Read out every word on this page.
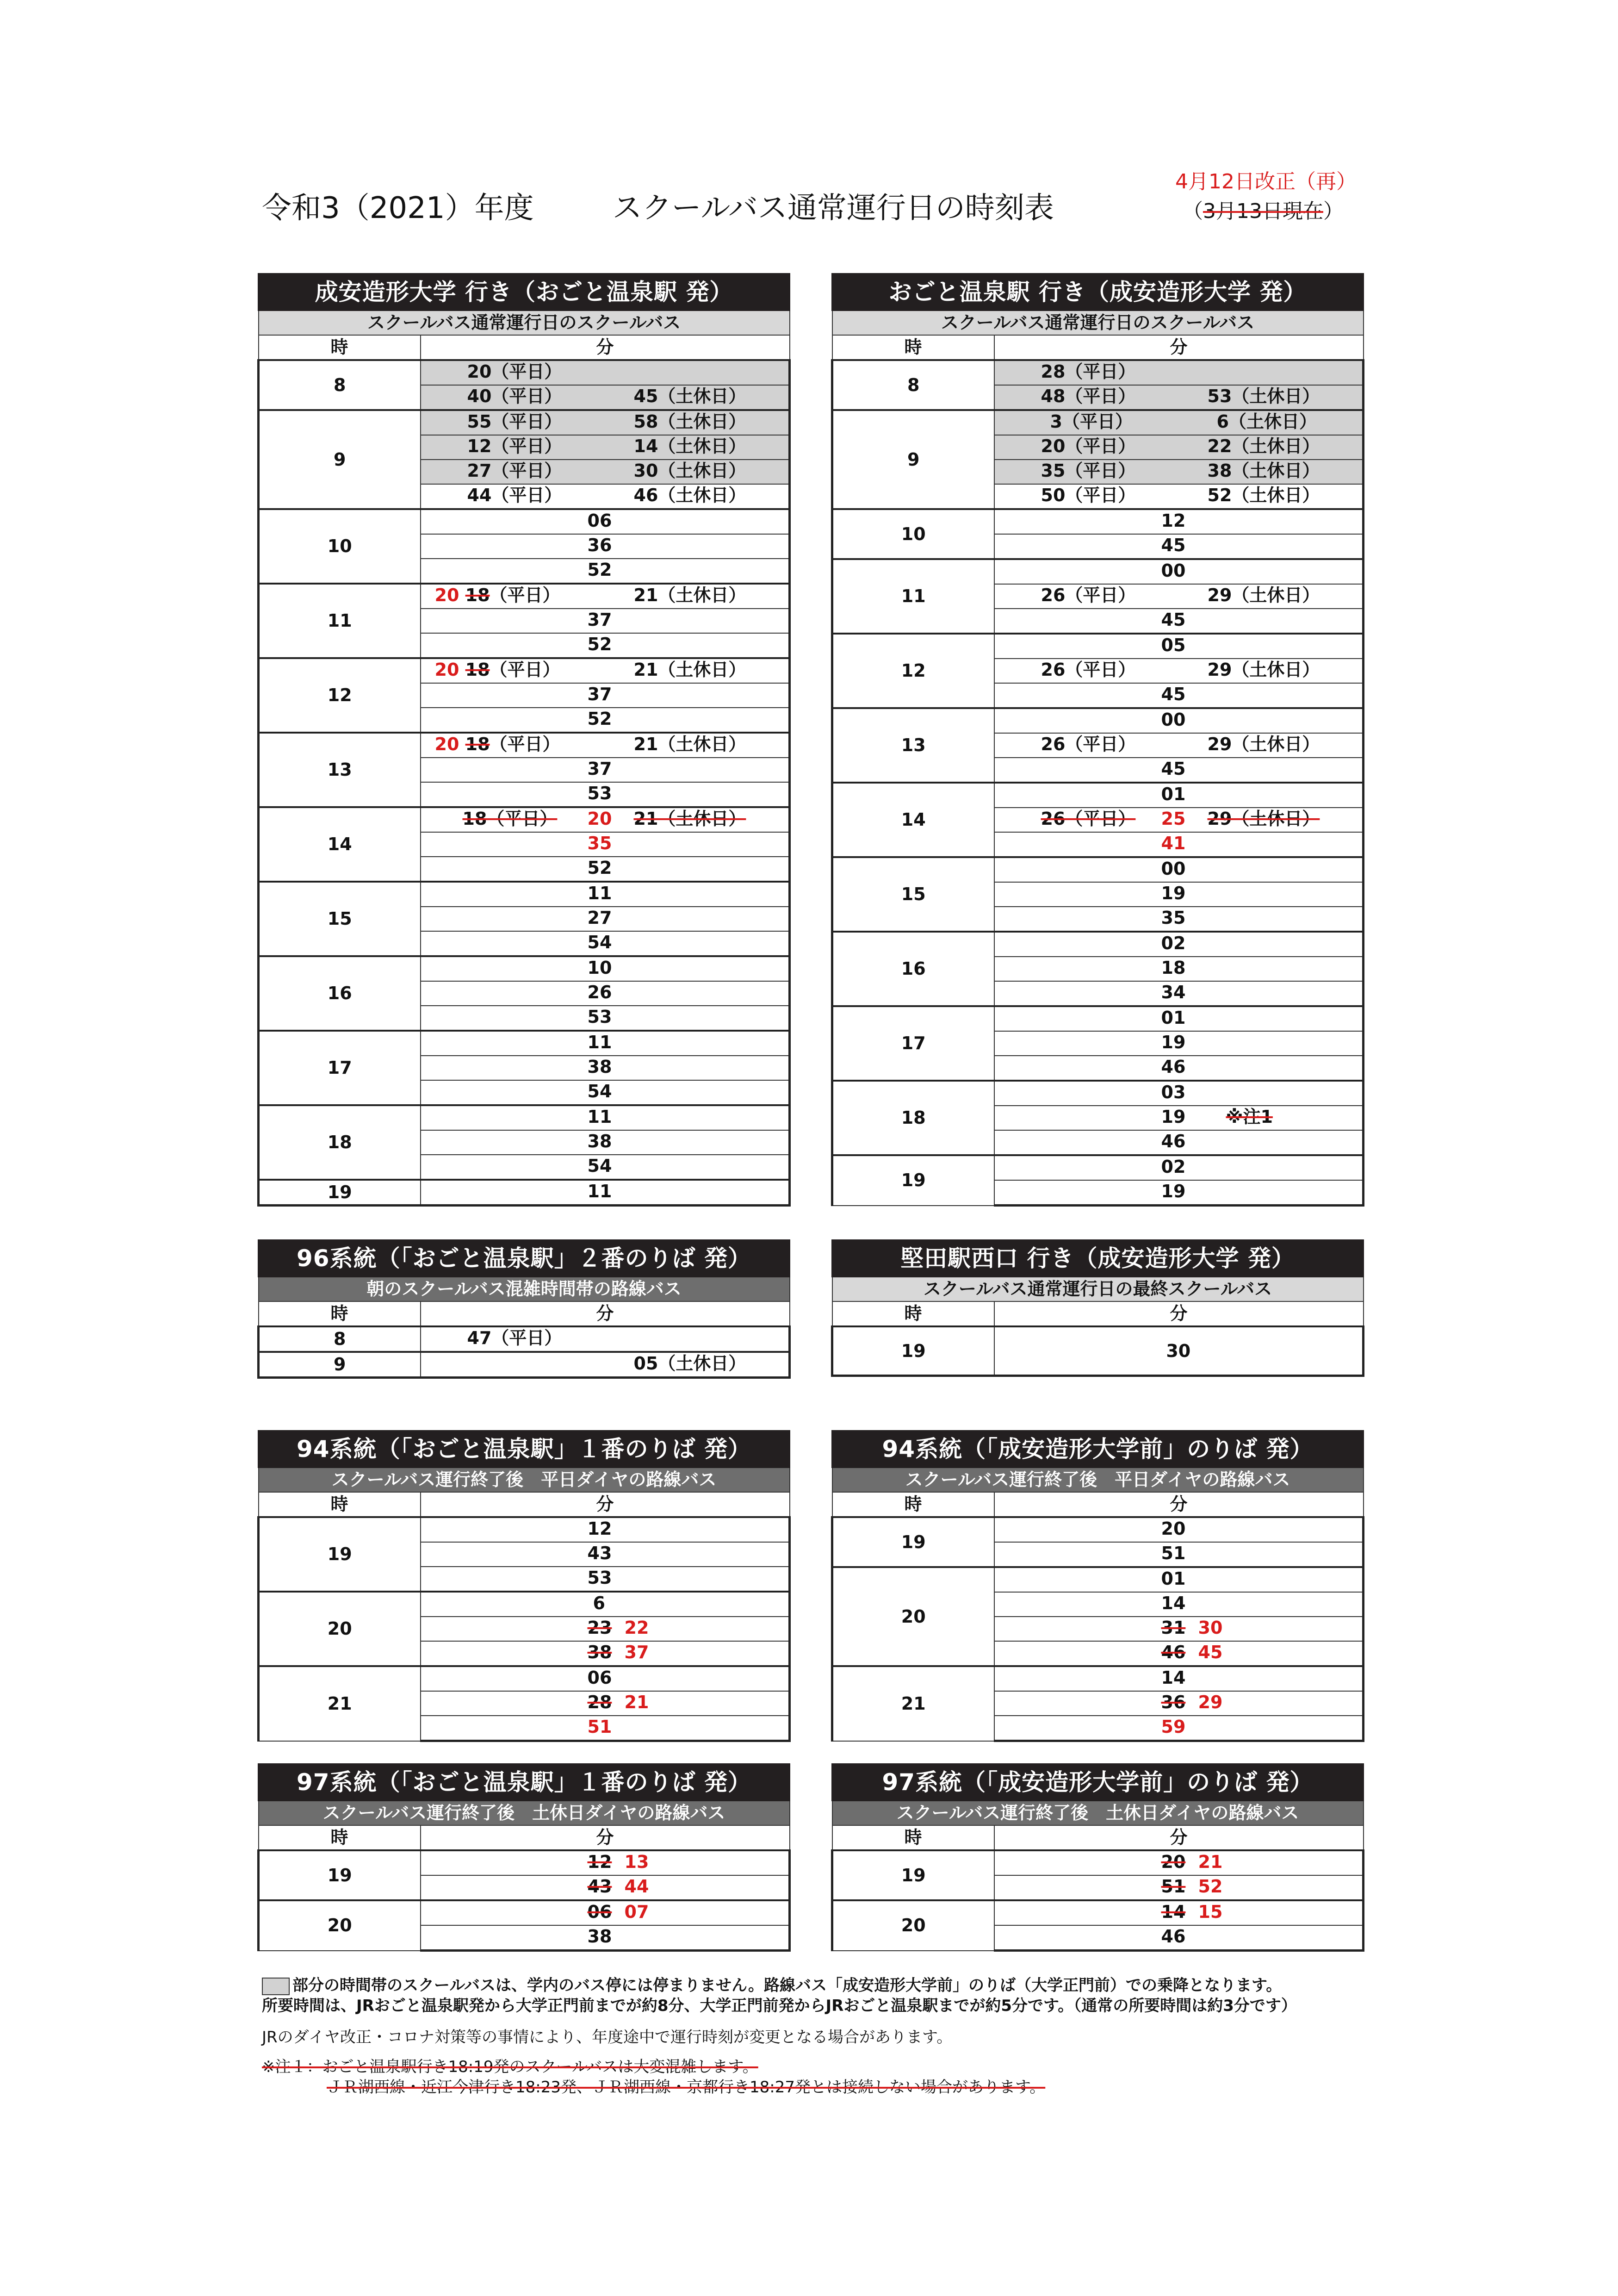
令和3（2021）年度	スクールバス通常運行日の時刻表
4月12日改正（再）
（3月13日現在）
成安造形大学 行き（おごと温泉駅 発）	
スクールバス通常運行日のスクールバス	
時	分
8	20（平日）

	40（平日） 45（土休日）

9	55（平日） 58（土休日）

	12（平日） 14（土休日）

	27（平日） 30（土休日）

	44（平日） 46（土休日）

10	06

	36

	52

11	20 18（平日） 21（土休日）

	37

	52

12	20 18（平日） 21（土休日）

	37

	52

13	20 18（平日） 21（土休日）

	37

	53

14	18（平日） 20 21（土休日）

	35

	52

15	11

	27

	54

16	10

	26

	53

17	11

	38

	54

18	11

	38

	54

19	11
おごと温泉駅 行き（成安造形大学 発）	
スクールバス通常運行日のスクールバス	
時	分
8	28（平日）

	48（平日） 53（土休日）

9	3（平日） 6（土休日）

	20（平日） 22（土休日）

	35（平日） 38（土休日）

	50（平日） 52（土休日）

10	12

	45

11	00

	26（平日） 29（土休日）

	45

12	05

	26（平日） 29（土休日）

	45

13	00

	26（平日） 29（土休日）

	45

14	01

	26（平日） 25 29（土休日）

	41

15	00

	19

	35

16	02

	18

	34

17	01

	19

	46

18	03

	19 ※注1

	46

19	02

	19
96系統（「おごと温泉駅」２番のりば 発）	
朝のスクールバス混雑時間帯の路線バス	
時	分
8	47（平日）

9	05（土休日）
堅田駅西口 行き（成安造形大学 発）	
スクールバス通常運行日の最終スクールバス	
時	分
19	30
94系統（「おごと温泉駅」１番のりば 発）	
スクールバス運行終了後　平日ダイヤの路線バス	
時	分
19	12

	43

	53

20	6

	23 22

	38 37

21	06

	28 21

	51
94系統（「成安造形大学前」のりば 発）	
スクールバス運行終了後　平日ダイヤの路線バス	
時	分
19	20

	51

20	01

	14

	31 30

	46 45

21	14

	36 29

	59
97系統（「おごと温泉駅」１番のりば 発）	
スクールバス運行終了後　土休日ダイヤの路線バス	
時	分
19	12 13

	43 44

20	06 07

	38
97系統（「成安造形大学前」のりば 発）	
スクールバス運行終了後　土休日ダイヤの路線バス	
時	分
19	20 21

	51 52

20	14 15

	46
部分の時間帯のスクールバスは、学内のバス停には停まりません。路線バス「成安造形大学前」のりば（大学正門前）での乗降となります。
所要時間は、JRおごと温泉駅発から大学正門前までが約8分、大学正門前発からJRおごと温泉駅までが約5分です。（通常の所要時間は約3分です）
JRのダイヤ改正・コロナ対策等の事情により、年度途中で運行時刻が変更となる場合があります。
※注１：おごと温泉駅行き18:19発のスクールバスは大変混雑します。
ＪＲ湖西線・近江今津行き18:23発、ＪＲ湖西線・京都行き18:27発とは接続しない場合があります。
